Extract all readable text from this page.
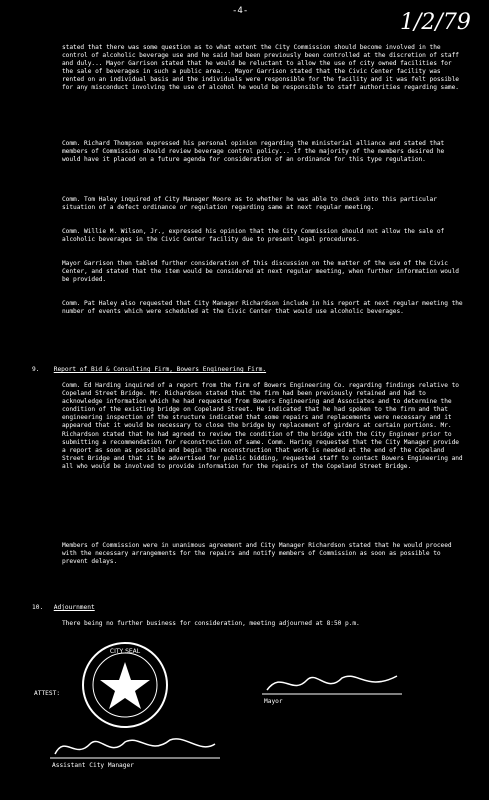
-4-	1/2/79

stated that there was some question as to what extent the City Commission should become involved in the control of alcoholic beverage use and he said had been previously been controlled at the discretion of staff and duly... Mayor Garrison stated that he would be reluctant to allow the use of city owned facilities for the sale of beverages in such a public area... Mayor Garrison stated that the Civic Center facility was rented on an individual basis and the individuals were responsible for the facility and it was felt possible for any misconduct involving the use of alcohol he would be responsible to staff authorities regarding same.

Comm. Richard Thompson expressed his personal opinion regarding the ministerial alliance and stated that members of Commission should review beverage control policy... if the majority of the members desired he would have it placed on a future agenda for consideration of an ordinance for this type regulation.

Comm. Tom Haley inquired of City Manager Moore as to whether he was able to check into this particular situation of a defect ordinance or regulation regarding same at next regular meeting.

Comm. Willie M. Wilson, Jr., expressed his opinion that the City Commission should not allow the sale of alcoholic beverages in the Civic Center facility due to present legal procedures.

Mayor Garrison then tabled further consideration of this discussion on the matter of the use of the Civic Center, and stated that the item would be considered at next regular meeting, when further information would be provided.

Comm. Pat Haley also requested that City Manager Richardson include in his report at next regular meeting the number of events which were scheduled at the Civic Center that would use alcoholic beverages.

9. Report of Bid & Consulting Firm, Bowers Engineering Firm.

Comm. Ed Harding inquired of a report from the firm of Bowers Engineering Co. regarding findings relative to Copeland Street Bridge. Mr. Richardson stated that the firm had been previously retained and had to acknowledge information which he had requested from Bowers Engineering and Associates and to determine the condition of the existing bridge on Copeland Street. He indicated that he had spoken to the firm and that engineering inspection of the structure indicated that some repairs and replacements were necessary and it appeared that it would be necessary to close the bridge by replacement of girders at certain portions. Mr. Richardson stated that he had agreed to review the condition of the bridge with the City Engineer prior to submitting a recommendation for reconstruction of same. Comm. Haring requested that the City Manager provide a report as soon as possible and begin the reconstruction that work is needed at the end of the Copeland Street Bridge and that it be advertised for public bidding, requested staff to contact Bowers Engineering and all who would be involved to provide information for the repairs of the Copeland Street Bridge.

Members of Commission were in unanimous agreement and City Manager Richardson stated that he would proceed with the necessary arrangements for the repairs and notify members of Commission as soon as possible to prevent delays.

10. Adjournment

There being no further business for consideration, meeting adjourned at 8:50 p.m.

CITY SEAL
ATTEST:
Mayor
Assistant City Manager
